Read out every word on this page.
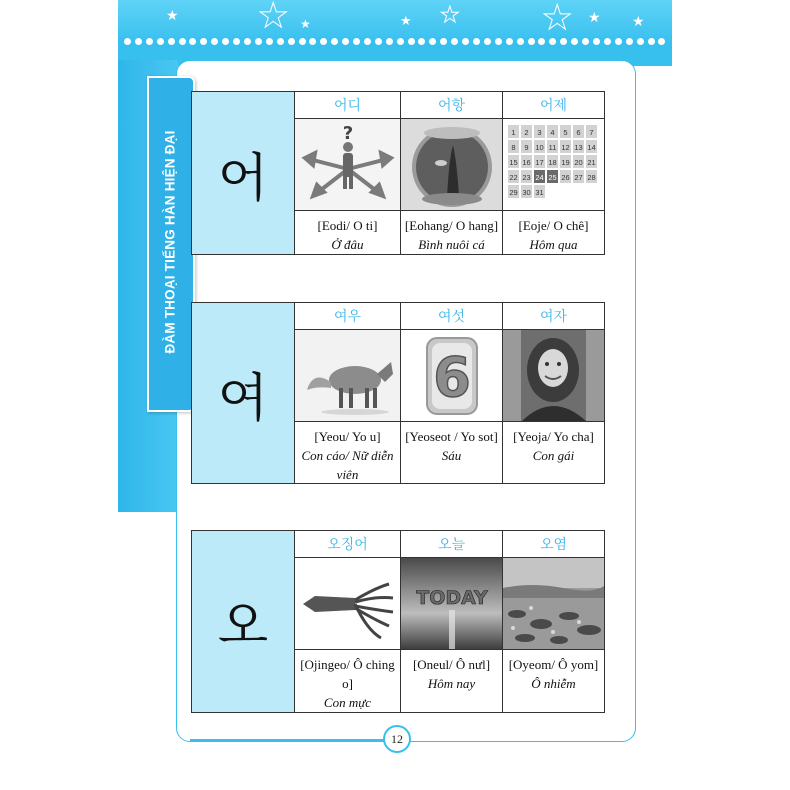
★ ★ ★	★ ★ ★ ★ ★
ĐÀM THOẠI TIẾNG HÀN HIỆN ĐẠI 어
어디
?
[Eodi/ O ti]
Ở đâu
어항
[Eohang/ O hang]
Bình nuôi cá
어제
1 2 3 4 5 6 7
8 9 10 11 12 13 14
15 16 17 18 19 20 21
22 23 24 25 26 27 28
29 30 31
[Eoje/ O chê]
Hôm qua
여
여우
[Yeou/ Yo u]
Con cáo/ Nữ diễn viên
여섯
6
[Yeoseot / Yo sot] Sáu
여자
[Yeoja/ Yo cha] Con gái
오
오징어
[Ojingeo/ Ô ching o]
Con mực
오늘
TODAY
[Oneul/ Ô nưl]
Hôm nay
오염
[Oyeom/ Ô yom] Ô nhiễm
12
